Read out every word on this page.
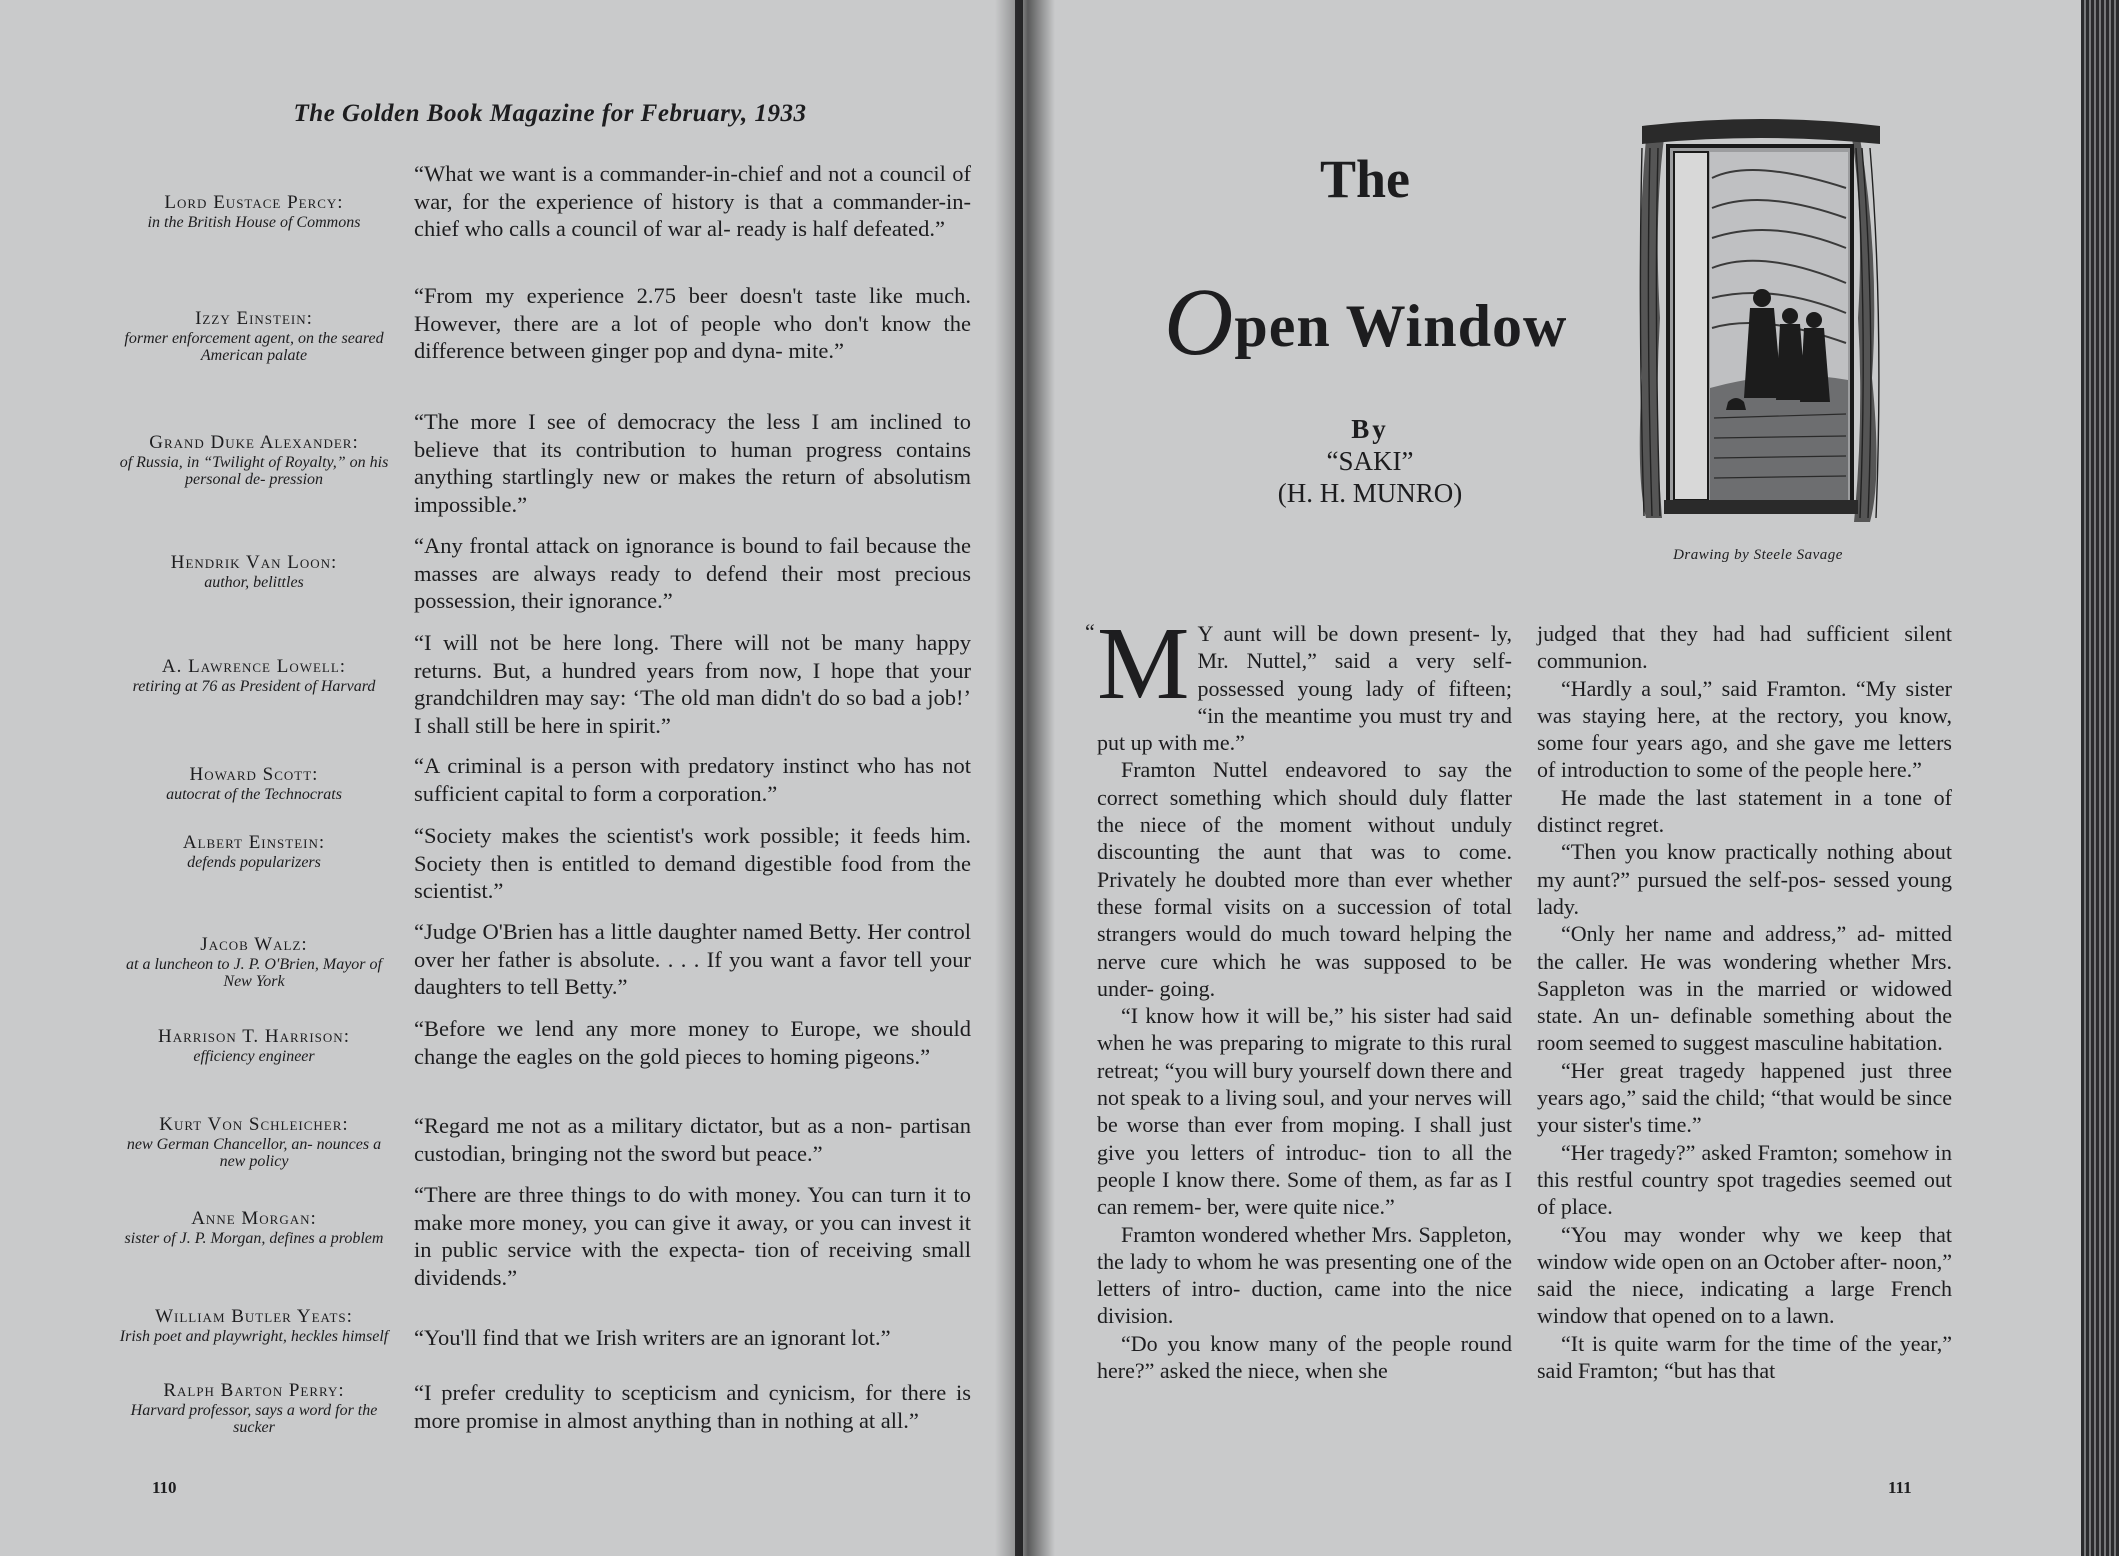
The Golden Book Magazine for February, 1933
Lord Eustace Percy:
in the British House of Commons
“What we want is a commander-in-chief and not a council of war, for the experience of history is that a commander-in-chief who calls a council of war al- ready is half defeated.”
Izzy Einstein:
former enforcement agent, on the seared American palate
“From my experience 2.75 beer doesn't taste like much. However, there are a lot of people who don't know the difference between ginger pop and dyna- mite.”
Grand Duke Alexander:
of Russia, in “Twilight of Royalty,” on his personal de- pression
“The more I see of democracy the less I am inclined to believe that its contribution to human progress contains anything startlingly new or makes the return of absolutism impossible.”
Hendrik Van Loon:
author, belittles
“Any frontal attack on ignorance is bound to fail because the masses are always ready to defend their most precious possession, their ignorance.”
A. Lawrence Lowell:
retiring at 76 as President of Harvard
“I will not be here long. There will not be many happy returns. But, a hundred years from now, I hope that your grandchildren may say: ‘The old man didn't do so bad a job!’ I shall still be here in spirit.”
Howard Scott:
autocrat of the Technocrats
“A criminal is a person with predatory instinct who has not sufficient capital to form a corporation.”
Albert Einstein:
defends popularizers
“Society makes the scientist's work possible; it feeds him. Society then is entitled to demand digestible food from the scientist.”
Jacob Walz:
at a luncheon to J. P. O'Brien, Mayor of New York
“Judge O'Brien has a little daughter named Betty. Her control over her father is absolute. . . . If you want a favor tell your daughters to tell Betty.”
Harrison T. Harrison:
efficiency engineer
“Before we lend any more money to Europe, we should change the eagles on the gold pieces to homing pigeons.”
Kurt Von Schleicher:
new German Chancellor, an- nounces a new policy
“Regard me not as a military dictator, but as a non- partisan custodian, bringing not the sword but peace.”
Anne Morgan:
sister of J. P. Morgan, defines a problem
“There are three things to do with money. You can turn it to make more money, you can give it away, or you can invest it in public service with the expecta- tion of receiving small dividends.”
William Butler Yeats:
Irish poet and playwright, heckles himself “You'll find that we Irish writers are an ignorant lot.”
Ralph Barton Perry:
Harvard professor, says a word for the sucker
“I prefer credulity to scepticism and cynicism, for there is more promise in almost anything than in nothing at all.”
110
The
Open Window
By
“SAKI”
(H. H. MUNRO)
Drawing by Steele Savage
“ M Y aunt will be down present- ly, Mr. Nuttel,” said a very self-possessed young lady of fifteen; “in the meantime you must try and put up with me.”

Framton Nuttel endeavored to say the correct something which should duly flatter the niece of the moment without unduly discounting the aunt that was to come. Privately he doubted more than ever whether these formal visits on a succession of total strangers would do much toward helping the nerve cure which he was supposed to be under- going.

“I know how it will be,” his sister had said when he was preparing to migrate to this rural retreat; “you will bury yourself down there and not speak to a living soul, and your nerves will be worse than ever from moping. I shall just give you letters of introduc- tion to all the people I know there. Some of them, as far as I can remem- ber, were quite nice.”

Framton wondered whether Mrs. Sappleton, the lady to whom he was presenting one of the letters of intro- duction, came into the nice division.

“Do you know many of the people round here?” asked the niece, when she

judged that they had had sufficient silent communion.

“Hardly a soul,” said Framton. “My sister was staying here, at the rectory, you know, some four years ago, and she gave me letters of introduction to some of the people here.”

He made the last statement in a tone of distinct regret.

“Then you know practically nothing about my aunt?” pursued the self-pos- sessed young lady.

“Only her name and address,” ad- mitted the caller. He was wondering whether Mrs. Sappleton was in the married or widowed state. An un- definable something about the room seemed to suggest masculine habitation.

“Her great tragedy happened just three years ago,” said the child; “that would be since your sister's time.”

“Her tragedy?” asked Framton; somehow in this restful country spot tragedies seemed out of place.

“You may wonder why we keep that window wide open on an October after- noon,” said the niece, indicating a large French window that opened on to a lawn.

“It is quite warm for the time of the year,” said Framton; “but has that

111
